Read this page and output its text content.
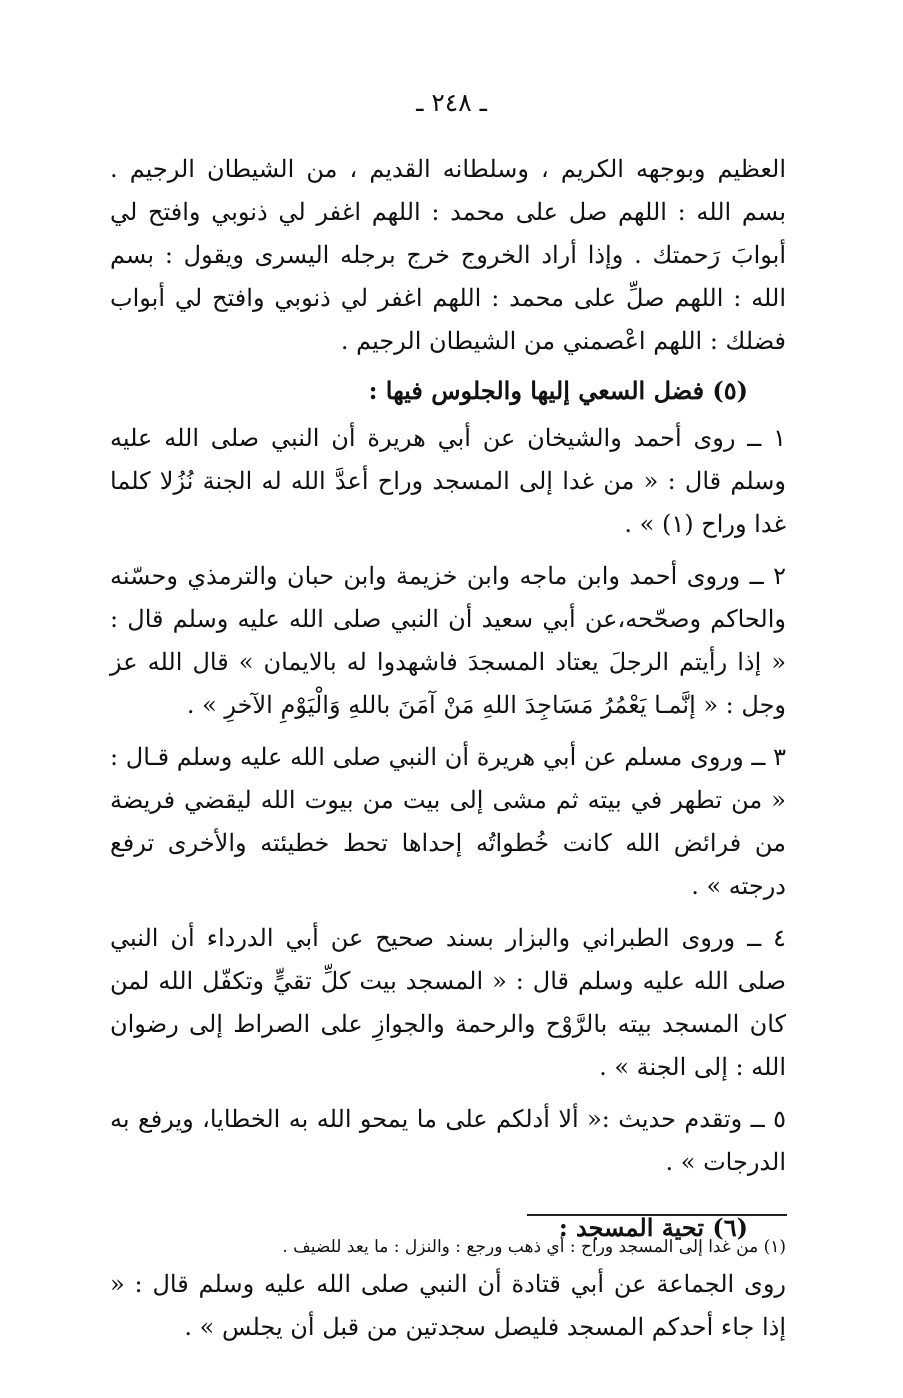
ـ ٢٤٨ ـ

العظيم وبوجهه الكريم ، وسلطانه القديم ، من الشيطان الرجيم . بسم الله : اللهم صل على محمد : اللهم اغفر لي ذنوبي وافتح لي أبوابَ رَحمتك . وإذا أراد الخروج خرج برجله اليسرى ويقول : بسم الله : اللهم صلِّ على محمد : اللهم اغفر لي ذنوبي وافتح لي أبواب فضلك : اللهم اعْصمني من الشيطان الرجيم .

(٥) فضل السعي إليها والجلوس فيها :

١ ــ روى أحمد والشيخان عن أبي هريرة أن النبي صلى الله عليه وسلم قال : « من غدا إلى المسجد وراح أعدَّ الله له الجنة نُزُلا كلما غدا وراح (١) » .

٢ ــ وروى أحمد وابن ماجه وابن خزيمة وابن حبان والترمذي وحسّنه والحاكم وصحّحه،عن أبي سعيد أن النبي صلى الله عليه وسلم قال : « إذا رأيتم الرجلَ يعتاد المسجدَ فاشهدوا له بالايمان » قال الله عز وجل : « إنَّمـا يَعْمُرُ مَسَاجِدَ اللهِ مَنْ آمَنَ باللهِ وَالْيَوْمِ الآخرِ » .

٣ ــ وروى مسلم عن أبي هريرة أن النبي صلى الله عليه وسلم قـال : « من تطهر في بيته ثم مشى إلى بيت من بيوت الله ليقضي فريضة من فرائض الله كانت خُطواتُه إحداها تحط خطيئته والأخرى ترفع درجته » .

٤ ــ وروى الطبراني والبزار بسند صحيح عن أبي الدرداء أن النبي صلى الله عليه وسلم قال : « المسجد بيت كلِّ تقيٍّ وتكفّل الله لمن كان المسجد بيته بالرَّوْح والرحمة والجوازِ على الصراط إلى رضوان الله : إلى الجنة » .

٥ ــ وتقدم حديث :« ألا أدلكم على ما يمحو الله به الخطايا، ويرفع به الدرجات » .

(٦) تحية المسجد :

روى الجماعة عن أبي قتادة أن النبي صلى الله عليه وسلم قال : « إذا جاء أحدكم المسجد فليصل سجدتين من قبل أن يجلس » .

(١) من غدا إلى المسجد وراح : أي ذهب ورجع : والنزل : ما يعد للضيف .
